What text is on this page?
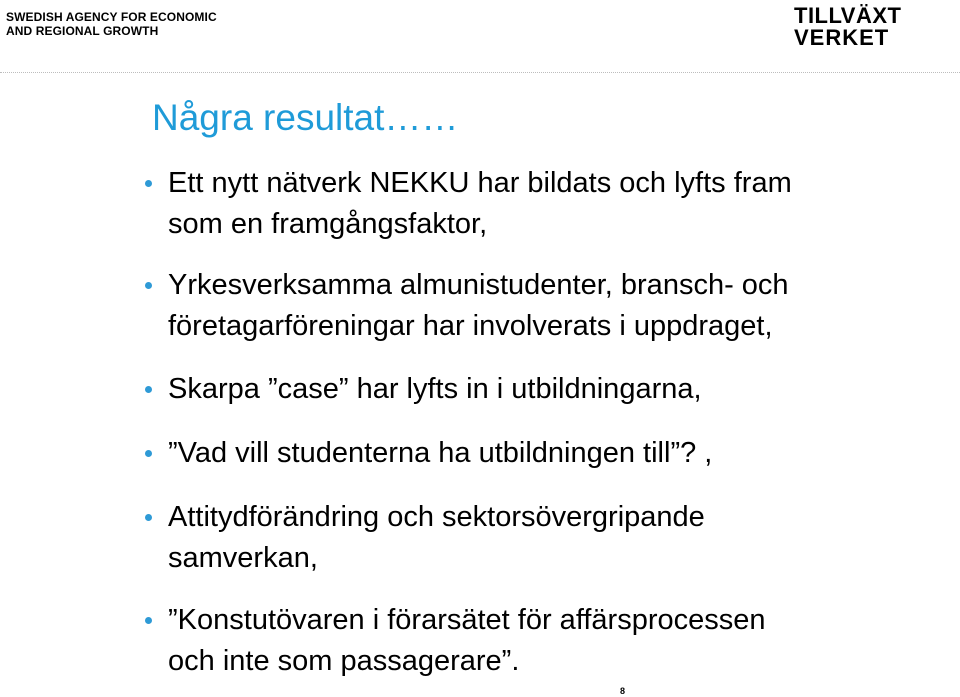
SWEDISH AGENCY FOR ECONOMIC
AND REGIONAL GROWTH
TILLVÄXT
VERKET
Några resultat……
Ett nytt nätverk NEKKU har bildats och lyfts fram
som en framgångsfaktor,
Yrkesverksamma almunistudenter, bransch- och
företagarföreningar har involverats i uppdraget,
Skarpa ”case” har lyfts in i utbildningarna,
”Vad vill studenterna ha utbildningen till”? ,
Attitydförändring och sektorsövergripande
samverkan,
”Konstutövaren i förarsätet för affärsprocessen
och inte som passagerare”.
8
